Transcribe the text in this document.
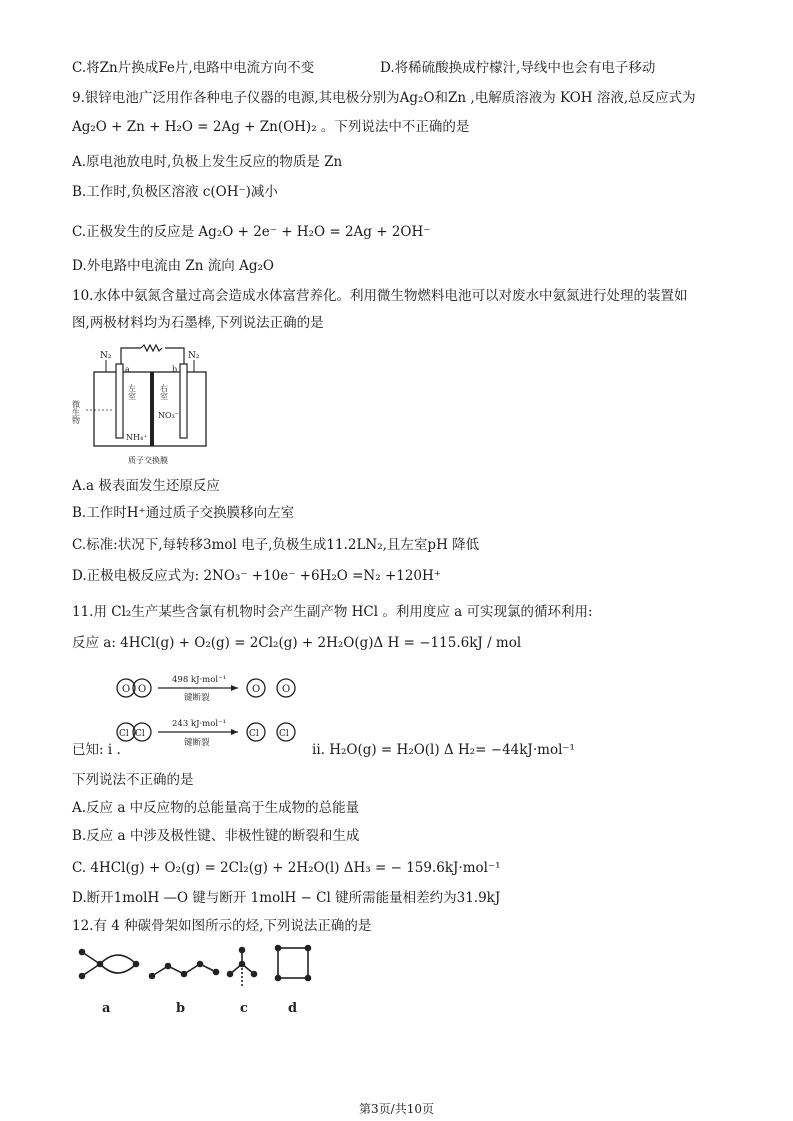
C.将Zn片换成Fe片,电路中电流方向不变	D.将稀硫酸换成柠檬汁,导线中也会有电子移动
9.银锌电池广泛用作各种电子仪器的电源,其电极分别为Ag₂O和Zn ,电解质溶液为 KOH 溶液,总反应式为
Ag₂O + Zn + H₂O = 2Ag + Zn(OH)₂ 。下列说法中不正确的是
A.原电池放电时,负极上发生反应的物质是 Zn
B.工作时,负极区溶液 c(OH⁻)减小
C.正极发生的反应是 Ag₂O + 2e⁻ + H₂O = 2Ag + 2OH⁻
D.外电路中电流由 Zn 流向 Ag₂O
10.水体中氨氮含量过高会造成水体富营养化。利用微生物燃料电池可以对废水中氨氮进行处理的装置如
图,两极材料均为石墨棒,下列说法正确的是
N₂	N₂
a	b
左室	右室
微生物
NH₄⁺
NO₃⁻
质子交换膜
A.a 极表面发生还原反应
B.工作时H⁺通过质子交换膜移向左室
C.标准:状况下,每转移3mol 电子,负极生成11.2LN₂,且左室pH 降低
D.正极电极反应式为: 2NO₃⁻ +10e⁻ +6H₂O =N₂ +120H⁺
11.用 Cl₂生产某些含氯有机物时会产生副产物 HCl 。利用度应 a 可实现氯的循环利用:
反应 a: 4HCl(g) + O₂(g) = 2Cl₂(g) + 2H₂O(g)Δ H = −115.6kJ / mol
O O
498 kJ·mol⁻¹
键断裂
O O
Cl Cl
243 kJ·mol⁻¹
键断裂
Cl Cl
已知: i .	ii. H₂O(g) = H₂O(l) Δ H₂= −44kJ·mol⁻¹
下列说法不正确的是
A.反应 a 中反应物的总能量高于生成物的总能量
B.反应 a 中涉及极性键、非极性键的断裂和生成
C. 4HCl(g) + O₂(g) = 2Cl₂(g) + 2H₂O(l) ΔH₃ = − 159.6kJ·mol⁻¹
D.断开1molH —O 键与断开 1molH − Cl 键所需能量相差约为31.9kJ
12.有 4 种碳骨架如图所示的烃,下列说法正确的是
a	b	c	d
第3页/共10页
